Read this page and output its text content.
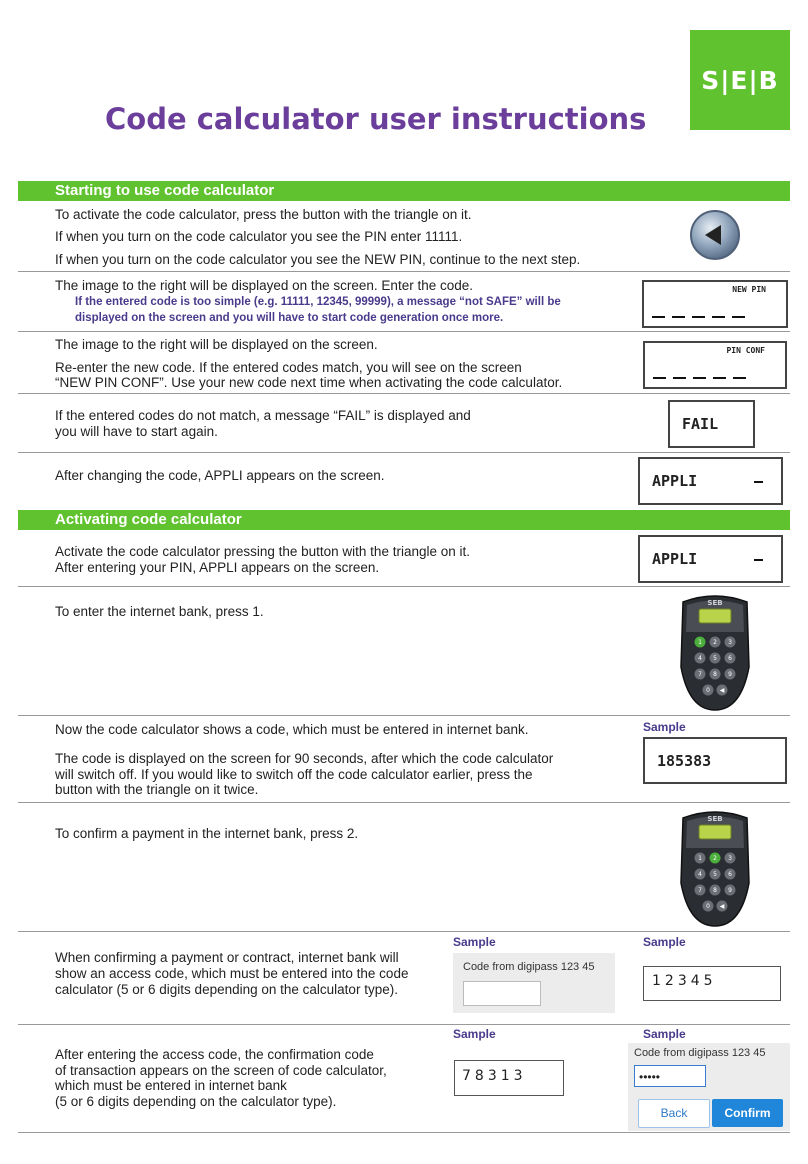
S|E|B
Code calculator user instructions
Starting to use code calculator
To activate the code calculator, press the button with the triangle on it.
If when you turn on the code calculator you see the PIN enter 11111.
If when you turn on the code calculator you see the NEW PIN, continue to the next step.
The image to the right will be displayed on the screen. Enter the code.
If the entered code is too simple (e.g. 11111, 12345, 99999), a message “not SAFE” will be
displayed on the screen and you will have to start code generation once more.
NEW PIN
The image to the right will be displayed on the screen.
Re-enter the new code. If the entered codes match, you will see on the screen
“NEW PIN CONF”. Use your new code next time when activating the code calculator.
PIN CONF
If the entered codes do not match, a message “FAIL” is displayed and
you will have to start again.	FAIL
After changing the code, APPLI appears on the screen.	APPLI
Activating code calculator
Activate the code calculator pressing the button with the triangle on it.
After entering your PIN, APPLI appears on the screen.	APPLI
To enter the internet bank, press 1.
SEB
1 2 3
4 5 6
7 8 9
0 ◀
Now the code calculator shows a code, which must be entered in internet bank.
The code is displayed on the screen for 90 seconds, after which the code calculator
will switch off. If you would like to switch off the code calculator earlier, press the
button with the triangle on it twice.
Sample
185383
To confirm a payment in the internet bank, press 2.
SEB
1 2 3
4 5 6
7 8 9
0 ◀
When confirming a payment or contract, internet bank will
show an access code, which must be entered into the code
calculator (5 or 6 digits depending on the calculator type).
Sample
Code from digipass 123 45
Sample
12345
After entering the access code, the confirmation code
of transaction appears on the screen of code calculator,
which must be entered in internet bank
(5 or 6 digits depending on the calculator type).
Sample
78313
Sample
Code from digipass 123 45
•••••
Back	Confirm
